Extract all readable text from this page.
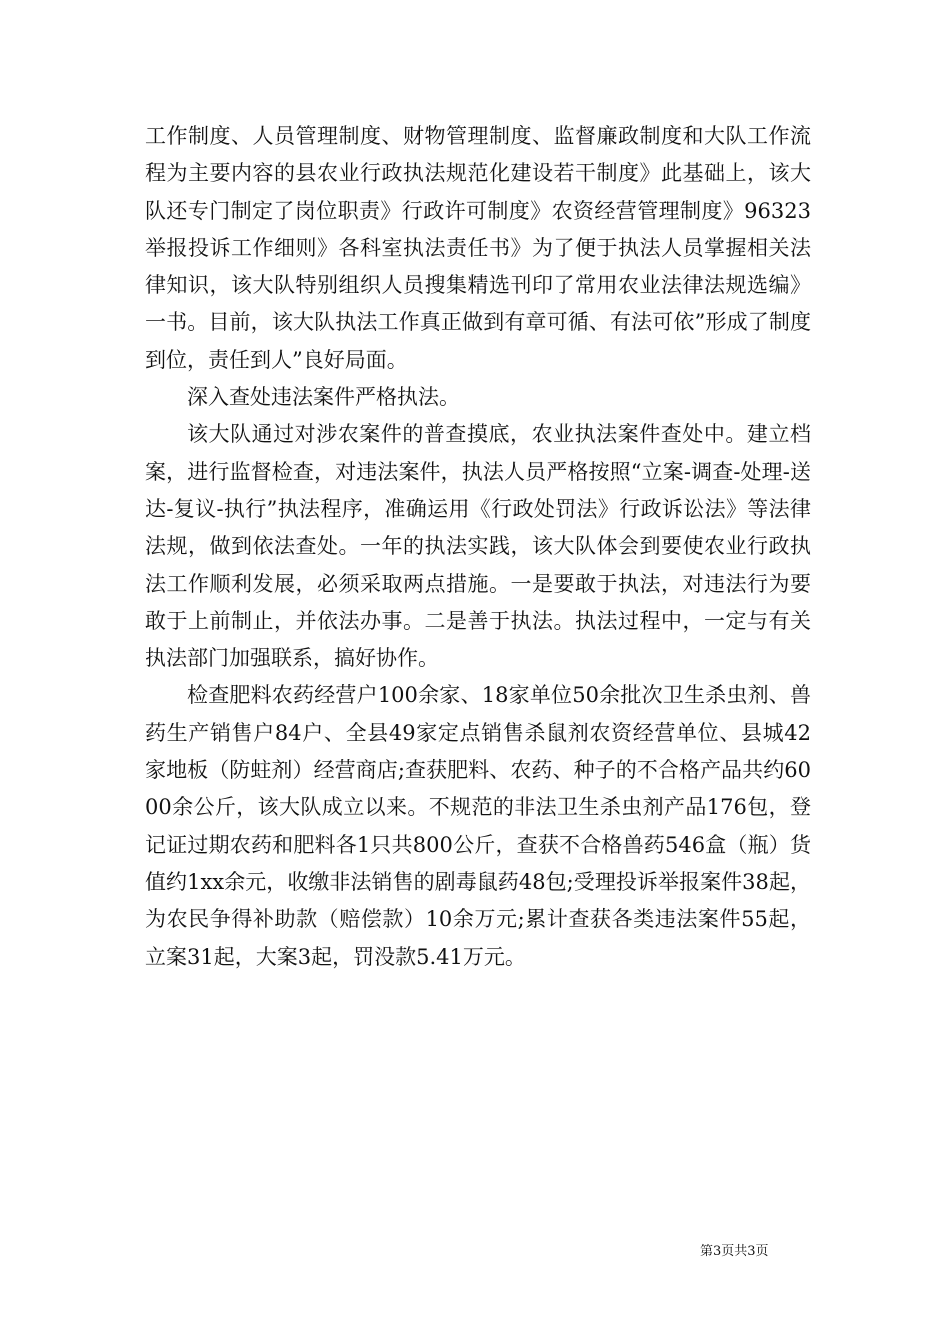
工作制度、人员管理制度、财物管理制度、监督廉政制度和大队工作流程为主要内容的县农业行政执法规范化建设若干制度》此基础上，该大队还专门制定了岗位职责》行政许可制度》农资经营管理制度》96323举报投诉工作细则》各科室执法责任书》为了便于执法人员掌握相关法律知识，该大队特别组织人员搜集精选刊印了常用农业法律法规选编》一书。目前，该大队执法工作真正做到有章可循、有法可依”形成了制度到位，责任到人”良好局面。

深入查处违法案件严格执法。

该大队通过对涉农案件的普查摸底，农业执法案件查处中。建立档案，进行监督检查，对违法案件，执法人员严格按照“立案-调查-处理-送达-复议-执行”执法程序，准确运用《行政处罚法》行政诉讼法》等法律法规，做到依法查处。一年的执法实践，该大队体会到要使农业行政执法工作顺利发展，必须采取两点措施。一是要敢于执法，对违法行为要敢于上前制止，并依法办事。二是善于执法。执法过程中，一定与有关执法部门加强联系，搞好协作。

检查肥料农药经营户100余家、18家单位50余批次卫生杀虫剂、兽药生产销售户84户、全县49家定点销售杀鼠剂农资经营单位、县城42家地板（防蛀剂）经营商店;查获肥料、农药、种子的不合格产品共约6000余公斤，该大队成立以来。不规范的非法卫生杀虫剂产品176包，登记证过期农药和肥料各1只共800公斤，查获不合格兽药546盒（瓶）货值约1xx余元，收缴非法销售的剧毒鼠药48包;受理投诉举报案件38起，为农民争得补助款（赔偿款）10余万元;累计查获各类违法案件55起，立案31起，大案3起，罚没款5.41万元。

第3页共3页
